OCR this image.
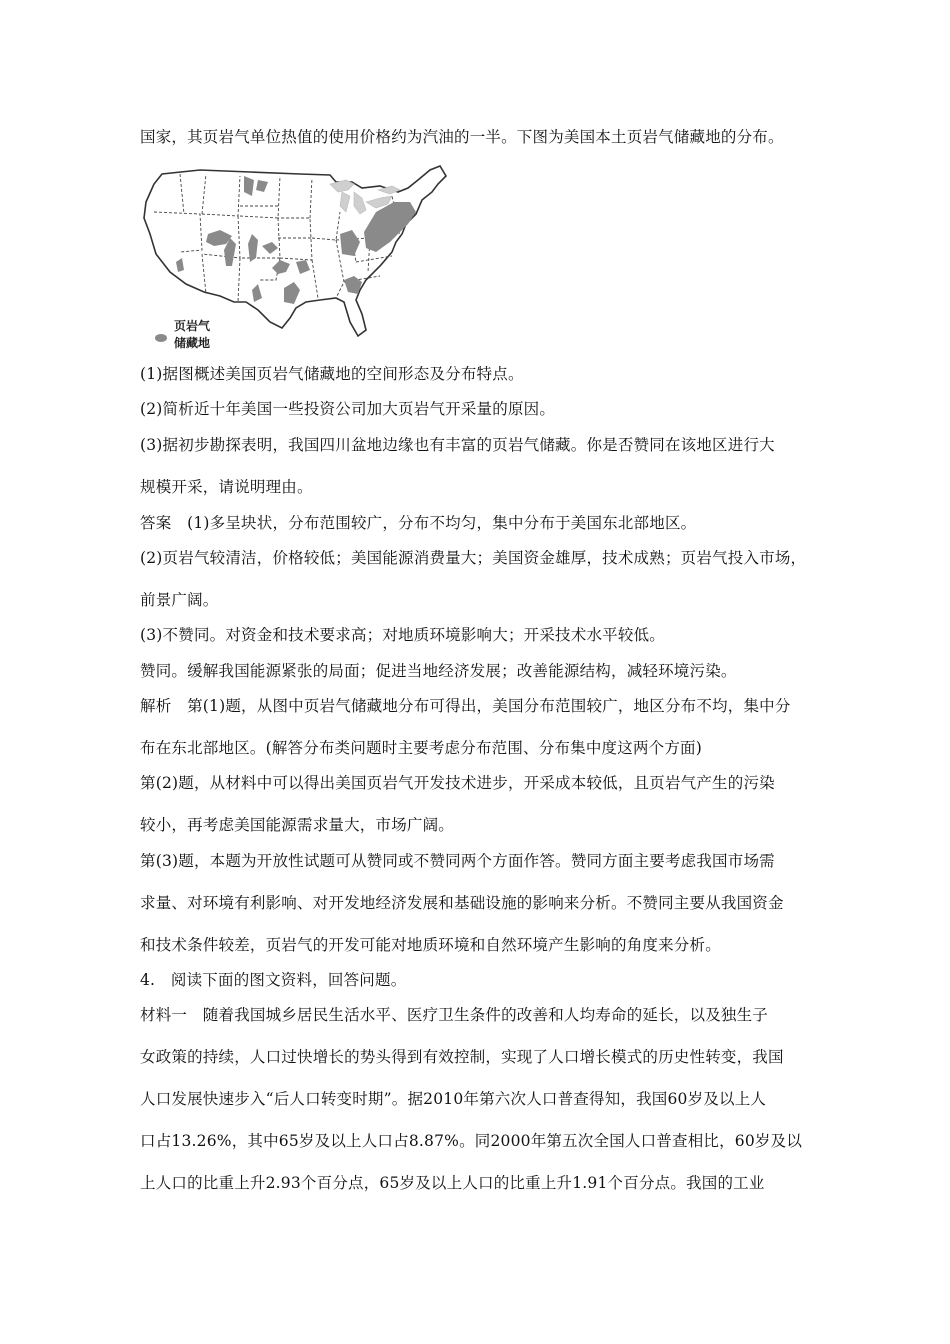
国家，其页岩气单位热值的使用价格约为汽油的一半。下图为美国本土页岩气储藏地的分布。
页岩气
储藏地
(1)据图概述美国页岩气储藏地的空间形态及分布特点。
(2)简析近十年美国一些投资公司加大页岩气开采量的原因。
(3)据初步勘探表明，我国四川盆地边缘也有丰富的页岩气储藏。你是否赞同在该地区进行大
规模开采，请说明理由。
答案　(1)多呈块状，分布范围较广，分布不均匀，集中分布于美国东北部地区。
(2)页岩气较清洁，价格较低；美国能源消费量大；美国资金雄厚，技术成熟；页岩气投入市场，
前景广阔。
(3)不赞同。对资金和技术要求高；对地质环境影响大；开采技术水平较低。
赞同。缓解我国能源紧张的局面；促进当地经济发展；改善能源结构，减轻环境污染。
解析　第(1)题，从图中页岩气储藏地分布可得出，美国分布范围较广，地区分布不均，集中分
布在东北部地区。(解答分布类问题时主要考虑分布范围、分布集中度这两个方面)
第(2)题，从材料中可以得出美国页岩气开发技术进步，开采成本较低，且页岩气产生的污染
较小，再考虑美国能源需求量大，市场广阔。
第(3)题，本题为开放性试题可从赞同或不赞同两个方面作答。赞同方面主要考虑我国市场需
求量、对环境有利影响、对开发地经济发展和基础设施的影响来分析。不赞同主要从我国资金
和技术条件较差，页岩气的开发可能对地质环境和自然环境产生影响的角度来分析。
4.　阅读下面的图文资料，回答问题。
材料一　随着我国城乡居民生活水平、医疗卫生条件的改善和人均寿命的延长，以及独生子
女政策的持续，人口过快增长的势头得到有效控制，实现了人口增长模式的历史性转变，我国
人口发展快速步入“后人口转变时期”。据2010年第六次人口普查得知，我国60岁及以上人
口占13.26%，其中65岁及以上人口占8.87%。同2000年第五次全国人口普查相比，60岁及以
上人口的比重上升2.93个百分点，65岁及以上人口的比重上升1.91个百分点。我国的工业
